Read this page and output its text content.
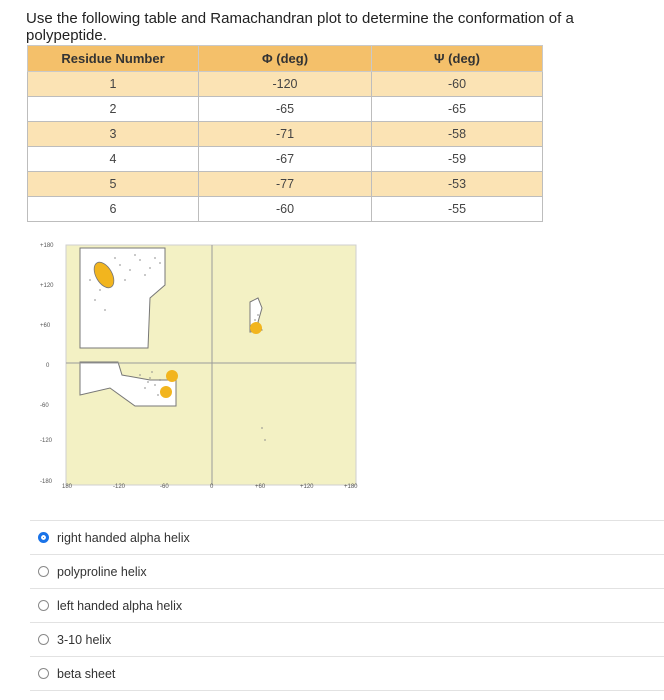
Use the following table and Ramachandran plot to determine the conformation of a polypeptide.
Residue Number	Φ (deg)	Ψ (deg)
1	-120	-60
2	-65	-65
3	-71	-58
4	-67	-59
5	-77	-53
6	-60	-55
+180
+120
+60
0
-60
-120
-180
180	-120	-60	0	+60	+120	+180
right handed alpha helix
polyproline helix
left handed alpha helix
3-10 helix
beta sheet
